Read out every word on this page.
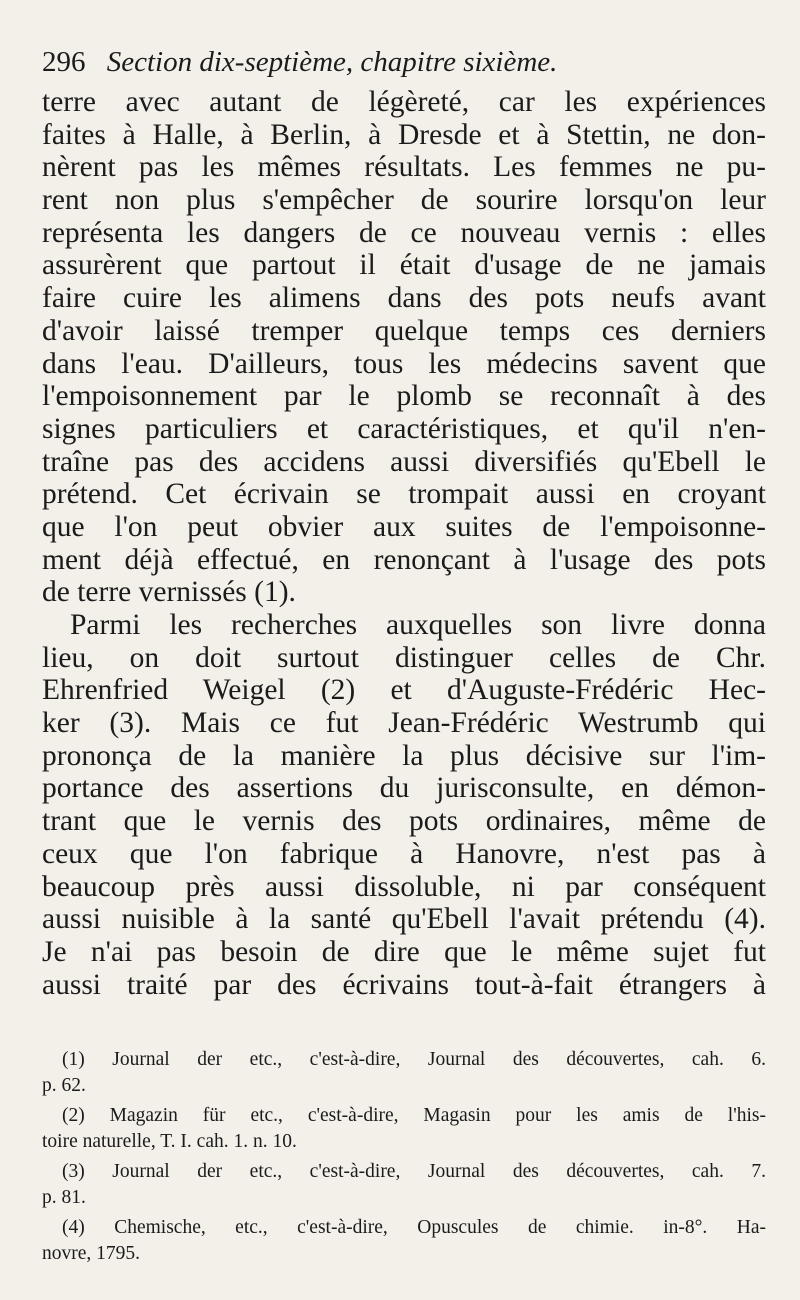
296 Section dix-septième, chapitre sixième.
terre avec autant de légèreté, car les expériences
faites à Halle, à Berlin, à Dresde et à Stettin, ne don-
nèrent pas les mêmes résultats. Les femmes ne pu-
rent non plus s'empêcher de sourire lorsqu'on leur
représenta les dangers de ce nouveau vernis : elles
assurèrent que partout il était d'usage de ne jamais
faire cuire les alimens dans des pots neufs avant
d'avoir laissé tremper quelque temps ces derniers
dans l'eau. D'ailleurs, tous les médecins savent que
l'empoisonnement par le plomb se reconnaît à des
signes particuliers et caractéristiques, et qu'il n'en-
traîne pas des accidens aussi diversifiés qu'Ebell le
prétend. Cet écrivain se trompait aussi en croyant
que l'on peut obvier aux suites de l'empoisonne-
ment déjà effectué, en renonçant à l'usage des pots
de terre vernissés (1).
Parmi les recherches auxquelles son livre donna
lieu, on doit surtout distinguer celles de Chr.
Ehrenfried Weigel (2) et d'Auguste-Frédéric Hec-
ker (3). Mais ce fut Jean-Frédéric Westrumb qui
prononça de la manière la plus décisive sur l'im-
portance des assertions du jurisconsulte, en démon-
trant que le vernis des pots ordinaires, même de
ceux que l'on fabrique à Hanovre, n'est pas à
beaucoup près aussi dissoluble, ni par conséquent
aussi nuisible à la santé qu'Ebell l'avait prétendu (4).
Je n'ai pas besoin de dire que le même sujet fut
aussi traité par des écrivains tout-à-fait étrangers à
(1) Journal der etc., c'est-à-dire, Journal des découvertes, cah. 6.
p. 62.
(2) Magazin für etc., c'est-à-dire, Magasin pour les amis de l'his-
toire naturelle, T. I. cah. 1. n. 10.
(3) Journal der etc., c'est-à-dire, Journal des découvertes, cah. 7.
p. 81.
(4) Chemische, etc., c'est-à-dire, Opuscules de chimie. in-8°. Ha-
novre, 1795.
